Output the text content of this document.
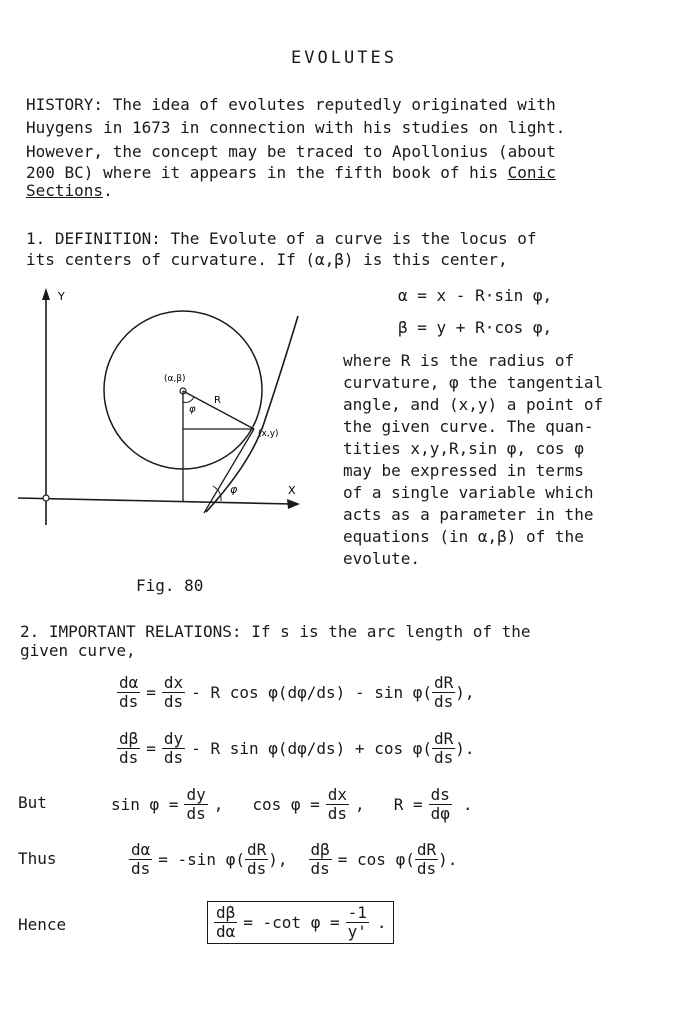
EVOLUTES
HISTORY: The idea of evolutes reputedly originated with
Huygens in 1673 in connection with his studies on light.
However, the concept may be traced to Apollonius (about
200 BC) where it appears in the fifth book of his Conic
Sections.
1. DEFINITION: The Evolute of a curve is the locus of
its centers of curvature. If (α,β) is this center,
α = x - R·sin φ,
β = y + R·cos φ,
where R is the radius of
curvature, φ the tangential
angle, and (x,y) a point of
the given curve. The quan-
tities x,y,R,sin φ, cos φ
may be expressed in terms
of a single variable which
acts as a parameter in the
equations (in α,β) of the
evolute.
Y
X
(α,β)
R
(x,y)
φ
φ
Fig. 80
2. IMPORTANT RELATIONS: If s is the arc length of the
given curve,
$\frac{d\alpha}{ds} = \frac{dx}{ds} - R$ $\cos \varphi(d\varphi/ds) - \sin \varphi( \frac{dR}{ds}$ ),
$\frac{d\beta}{ds} = \frac{dy}{ds} - R$ $\sin \varphi(d\varphi/ds) + \cos \varphi( \frac{dR}{ds}$ ).
But	$\sin \varphi = \frac{dy}{ds}$ , $\cos \varphi = \frac{dx}{ds}$ , $R = \frac{ds}{d\varphi}$ .
Thus	$\frac{d\alpha}{ds} = -\sin$ $\varphi( \frac{dR}{ds}$ ), $\frac{d\beta}{ds} = \cos \varphi( \frac{dR}{ds}$ ).
Hence	$\frac{d\beta}{d\alpha} = -\cot$ $\varphi = \frac{-1}{y'}$ .
